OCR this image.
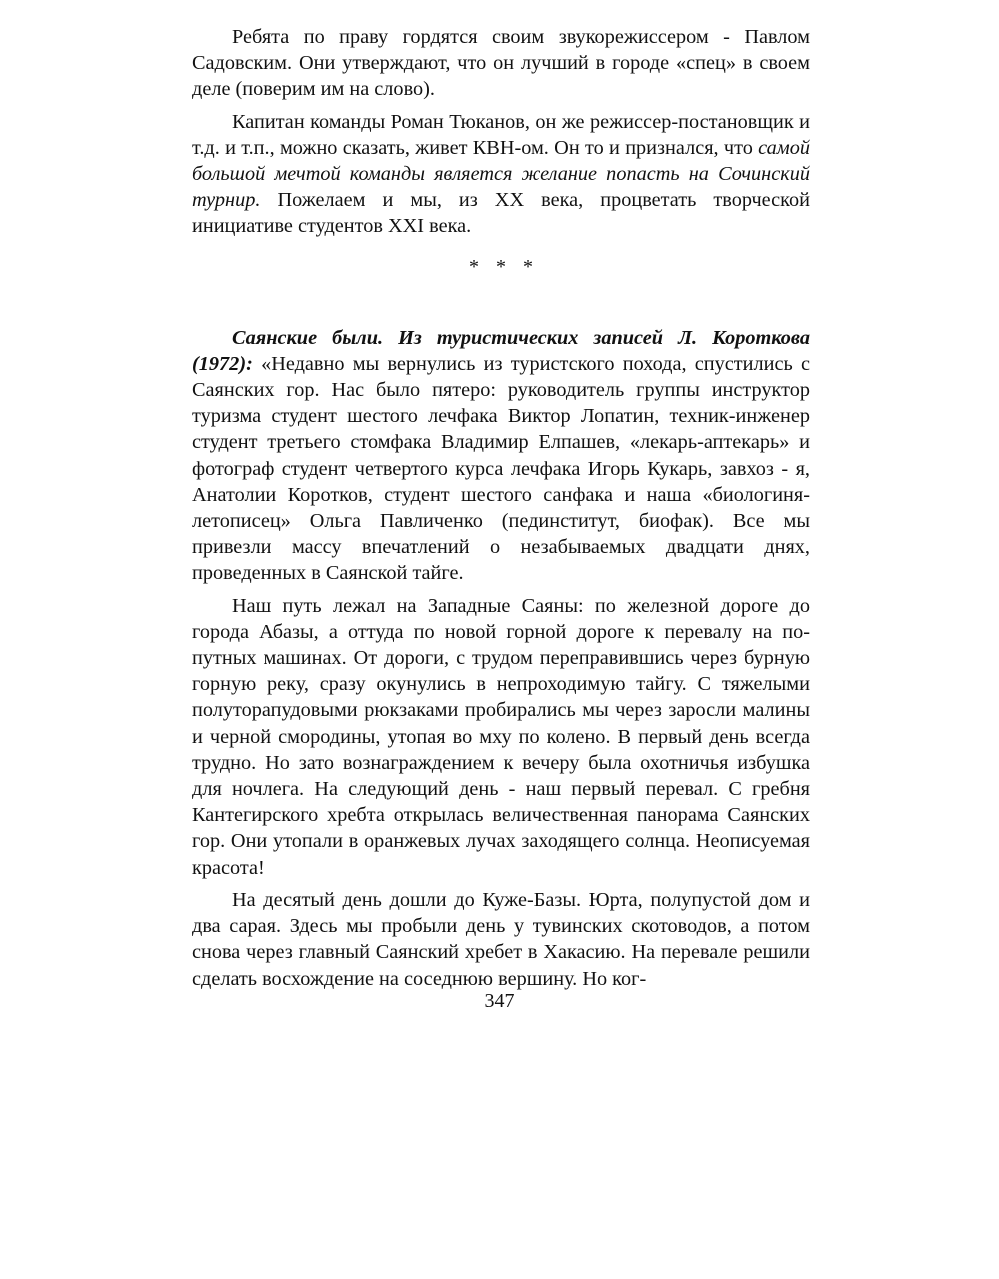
Ребята по праву гордятся своим звукорежиссером - Павлом Садовским. Они утверждают, что он лучший в городе «спец» в своем деле (поверим им на слово).

Капитан команды Роман Тюканов, он же режиссер-постановщик и т.д. и т.п., можно сказать, живет КВН-ом. Он то и признался, что самой большой мечтой команды является желание попасть на Сочинский турнир. Пожелаем и мы, из XX века, процветать творческой инициативе студентов XXI века.

* * *

Саянские были. Из туристических записей Л. Короткова (1972): «Недавно мы вернулись из туристского похода, спустились с Саянских гор. Нас было пятеро: руководитель группы инструктор туризма студент шестого лечфака Виктор Лопатин, техник-инженер студент третьего стомфака Владимир Елпашев, «лекарь-аптекарь» и фотограф студент четвертого курса лечфака Игорь Кукарь, завхоз - я, Анатолии Коротков, студент шестого санфака и наша «биологиня-летописец» Ольга Павличенко (пединститут, биофак). Все мы привезли массу впечатлений о незабываемых двадцати днях, проведенных в Саянской тайге.

Наш путь лежал на Западные Саяны: по железной дороге до города Абазы, а оттуда по новой горной дороге к перевалу на попутных машинах. От дороги, с трудом переправившись через бурную горную реку, сразу окунулись в непроходимую тайгу. С тяжелыми полуторапудовыми рюкзаками пробирались мы через заросли малины и черной смородины, утопая во мху по колено. В первый день всегда трудно. Но зато вознаграждением к вечеру была охотничья избушка для ночлега. На следующий день - наш первый перевал. С гребня Кантегирского хребта открылась величественная панорама Саянских гор. Они утопали в оранжевых лучах заходящего солнца. Неописуемая красота!

На десятый день дошли до Куже-Базы. Юрта, полупустой дом и два сарая. Здесь мы пробыли день у тувинских скотоводов, а потом снова через главный Саянский хребет в Хакасию. На перевале решили сделать восхождение на соседнюю вершину. Но ког-

347
